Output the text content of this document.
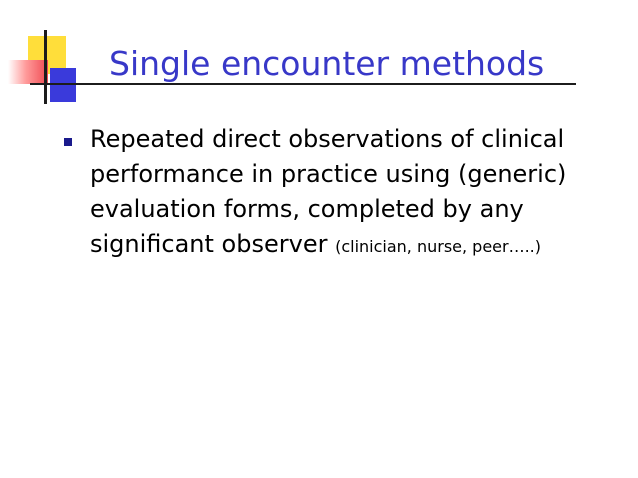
Single encounter methods

Repeated direct observations of clinical performance in practice using (generic) evaluation forms, completed by any significant observer (clinician, nurse, peer…..)
